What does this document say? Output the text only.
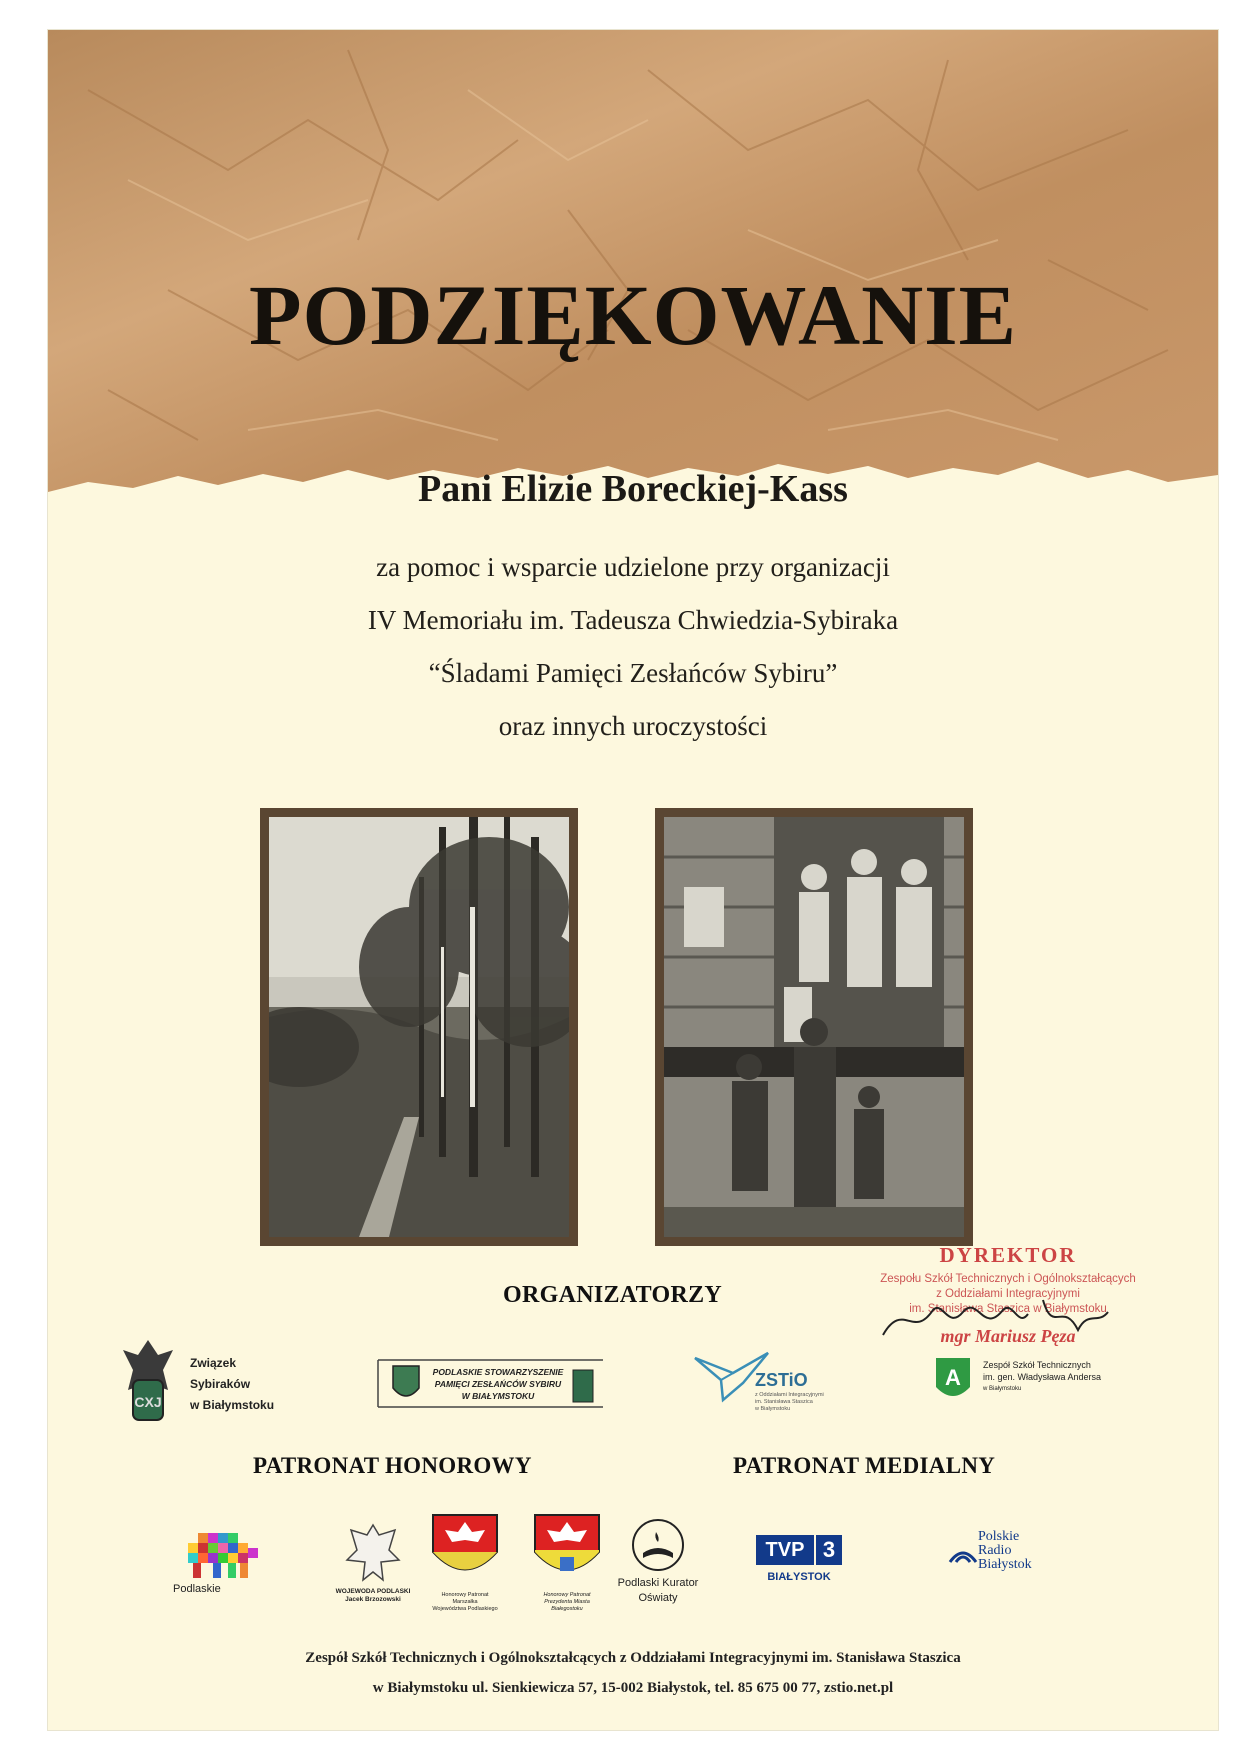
PODZIĘKOWANIE
Pani Elizie Boreckiej-Kass
za pomoc i wsparcie udzielone przy organizacji
IV Memoriału im. Tadeusza Chwiedzia-Sybiraka
“Śladami Pamięci Zesłańców Sybiru”
oraz innych uroczystości
DYREKTOR
Zespołu Szkół Technicznych i Ogólnokształcących
z Oddziałami Integracyjnymi
im. Stanisława Staszica w Białymstoku
mgr Mariusz Pęza
ORGANIZATORZY
CXJ
Związek
Sybiraków
w Białymstoku
PODLASKIE STOWARZYSZENIE
PAMIĘCI ZESŁAŃCÓW SYBIRU
W BIAŁYMSTOKU
ZSTiO
z Oddziałami Integracyjnymi
im. Stanisława Staszica
w Białymstoku
A Zespół Szkół Technicznych
im. gen. Władysława Andersa
w Białymstoku
PATRONAT HONOROWY	PATRONAT MEDIALNY
Podlaskie	WOJEWODA PODLASKI
Jacek Brzozowski
Honorowy Patronat
Marszałka
Województwa Podlaskiego
Honorowy Patronat
Prezydenta Miasta
Białegostoku
Podlaski Kurator
Oświaty
TVP 3
BIAŁYSTOK
Polskie
Radio
Białystok
Zespół Szkół Technicznych i Ogólnokształcących z Oddziałami Integracyjnymi im. Stanisława Staszica
w Białymstoku ul. Sienkiewicza 57, 15-002 Białystok, tel. 85 675 00 77, zstio.net.pl
